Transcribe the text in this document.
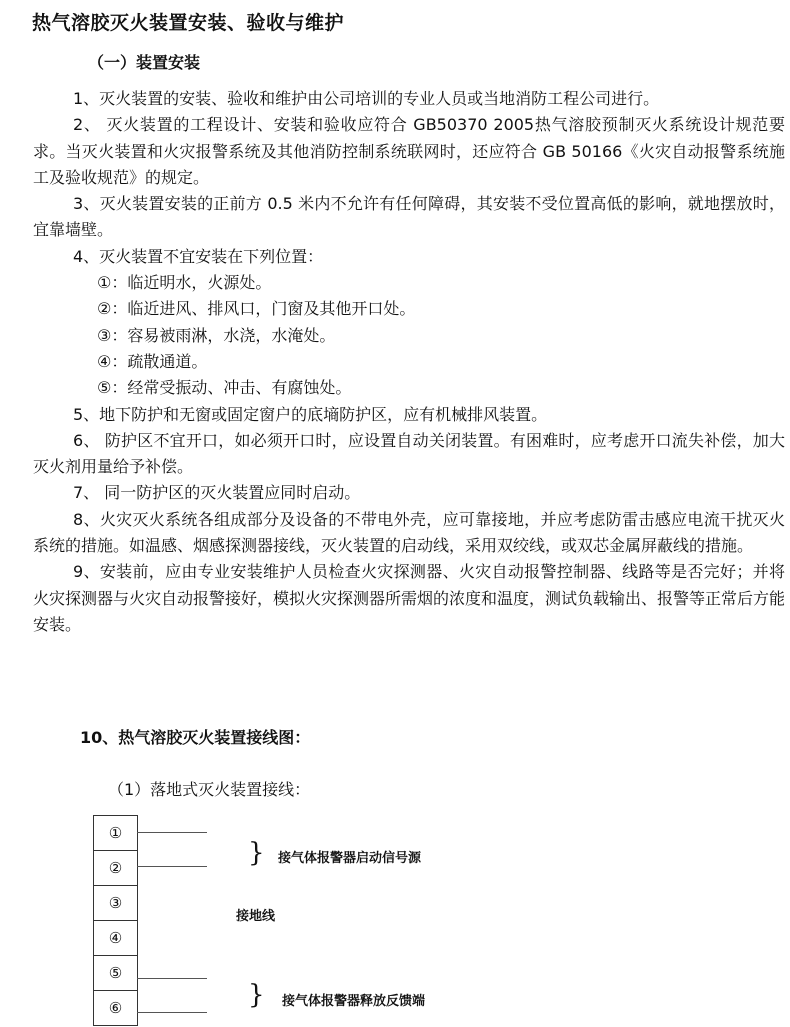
热气溶胶灭火装置安装、验收与维护
（一）装置安装

1、灭火装置的安装、验收和维护由公司培训的专业人员或当地消防工程公司进行。

2、 灭火装置的工程设计、安装和验收应符合 GB50370 2005热气溶胶预制灭火系统设计规范要求。当灭火装置和火灾报警系统及其他消防控制系统联网时，还应符合 GB 50166《火灾自动报警系统施工及验收规范》的规定。

3、灭火装置安装的正前方 0.5 米内不允许有任何障碍，其安装不受位置高低的影响，就地摆放时，宜靠墙壁。

4、灭火装置不宜安装在下列位置：

①：临近明水，火源处。

②：临近进风、排风口，门窗及其他开口处。

③：容易被雨淋，水浇，水淹处。

④：疏散通道。

⑤：经常受振动、冲击、有腐蚀处。

5、地下防护和无窗或固定窗户的底墒防护区，应有机械排风装置。

6、 防护区不宜开口，如必须开口时，应设置自动关闭装置。有困难时，应考虑开口流失补偿，加大灭火剂用量给予补偿。

7、 同一防护区的灭火装置应同时启动。

8、火灾灭火系统各组成部分及设备的不带电外壳，应可靠接地，并应考虑防雷击感应电流干扰灭火系统的措施。如温感、烟感探测器接线，灭火装置的启动线，采用双绞线，或双芯金属屏蔽线的措施。

9、安装前，应由专业安装维护人员检查火灾探测器、火灾自动报警控制器、线路等是否完好；并将火灾探测器与火灾自动报警接好，模拟火灾探测器所需烟的浓度和温度，测试负载输出、报警等正常后方能安装。

10、热气溶胶灭火装置接线图：
（1）落地式灭火装置接线：
①
②
③
④
⑤
⑥
} 接气体报警器启动信号源
接地线
} 接气体报警器释放反馈端
